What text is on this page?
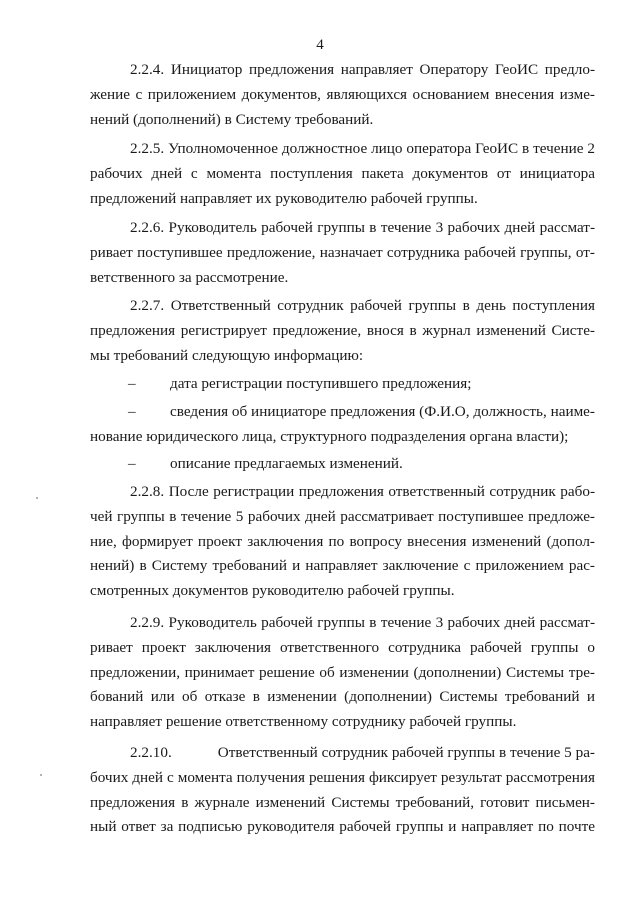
4
2.2.4. Инициатор предложения направляет Оператору ГеоИС предло-
жение с приложением документов, являющихся основанием внесения изме-
нений (дополнений) в Систему требований.
2.2.5. Уполномоченное должностное лицо оператора ГеоИС в течение 2
рабочих дней с момента поступления пакета документов от инициатора
предложений направляет их руководителю рабочей группы.
2.2.6. Руководитель рабочей группы в течение 3 рабочих дней рассмат-
ривает поступившее предложение, назначает сотрудника рабочей группы, от-
ветственного за рассмотрение.
2.2.7. Ответственный сотрудник рабочей группы в день поступления
предложения регистрирует предложение, внося в журнал изменений Систе-
мы требований следующую информацию:
–	дата регистрации поступившего предложения;
–	сведения об инициаторе предложения (Ф.И.О, должность, наиме-
нование юридического лица, структурного подразделения органа власти);
–	описание предлагаемых изменений.
2.2.8. После регистрации предложения ответственный сотрудник рабо-
чей группы в течение 5 рабочих дней рассматривает поступившее предложе-
ние, формирует проект заключения по вопросу внесения изменений (допол-
нений) в Систему требований и направляет заключение с приложением рас-
смотренных документов руководителю рабочей группы.
2.2.9. Руководитель рабочей группы в течение 3 рабочих дней рассмат-
ривает проект заключения ответственного сотрудника рабочей группы о
предложении, принимает решение об изменении (дополнении) Системы тре-
бований или об отказе в изменении (дополнении) Системы требований и
направляет решение ответственному сотруднику рабочей группы.
2.2.10.	Ответственный сотрудник рабочей группы в течение 5 ра-
бочих дней с момента получения решения фиксирует результат рассмотрения
предложения в журнале изменений Системы требований, готовит письмен-
ный ответ за подписью руководителя рабочей группы и направляет по почте
